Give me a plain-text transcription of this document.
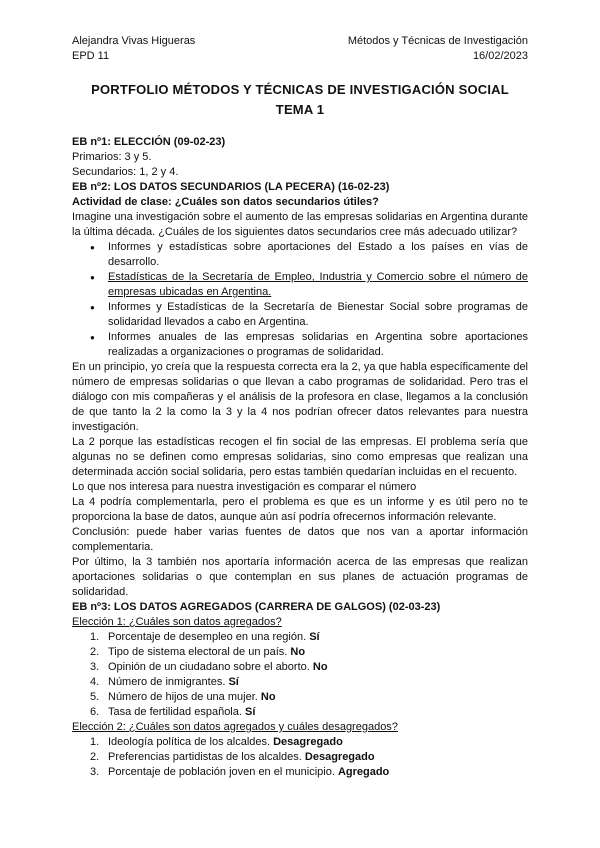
Alejandra Vivas Higueras
EPD 11
Métodos y Técnicas de Investigación
16/02/2023
PORTFOLIO MÉTODOS Y TÉCNICAS DE INVESTIGACIÓN SOCIAL
TEMA 1

EB nº1: ELECCIÓN (09-02-23)

Primarios: 3 y 5.

Secundarios: 1, 2 y 4.

EB nº2: LOS DATOS SECUNDARIOS (LA PECERA) (16-02-23)

Actividad de clase: ¿Cuáles son datos secundarios útiles?

Imagine una investigación sobre el aumento de las empresas solidarias en Argentina durante la última década. ¿Cuáles de los siguientes datos secundarios cree más adecuado utilizar?

● Informes y estadísticas sobre aportaciones del Estado a los países en vías de desarrollo.
● Estadísticas de la Secretaría de Empleo, Industria y Comercio sobre el número de empresas ubicadas en Argentina.
● Informes y Estadísticas de la Secretaría de Bienestar Social sobre programas de solidaridad llevados a cabo en Argentina.
● Informes anuales de las empresas solidarias en Argentina sobre aportaciones realizadas a organizaciones o programas de solidaridad.

En un principio, yo creía que la respuesta correcta era la 2, ya que habla específicamente del número de empresas solidarias o que llevan a cabo programas de solidaridad. Pero tras el diálogo con mis compañeras y el análisis de la profesora en clase, llegamos a la conclusión de que tanto la 2 la como la 3 y la 4 nos podrían ofrecer datos relevantes para nuestra investigación.

La 2 porque las estadísticas recogen el fin social de las empresas. El problema sería que algunas no se definen como empresas solidarias, sino como empresas que realizan una determinada acción social solidaria, pero estas también quedarían incluidas en el recuento.

Lo que nos interesa para nuestra investigación es comparar el número

La 4 podría complementarla, pero el problema es que es un informe y es útil pero no te proporciona la base de datos, aunque aún así podría ofrecernos información relevante.

Conclusión: puede haber varias fuentes de datos que nos van a aportar información complementaria.

Por último, la 3 también nos aportaría información acerca de las empresas que realizan aportaciones solidarias o que contemplan en sus planes de actuación programas de solidaridad.

EB nº3: LOS DATOS AGREGADOS (CARRERA DE GALGOS) (02-03-23)

Elección 1: ¿Cuáles son datos agregados?

1. Porcentaje de desempleo en una región. Sí
2. Tipo de sistema electoral de un país. No
3. Opinión de un ciudadano sobre el aborto. No
4. Número de inmigrantes. Sí
5. Número de hijos de una mujer. No
6. Tasa de fertilidad española. Sí

Elección 2: ¿Cuáles son datos agregados y cuáles desagregados?

1. Ideología política de los alcaldes. Desagregado
2. Preferencias partidistas de los alcaldes. Desagregado
3. Porcentaje de población joven en el municipio. Agregado
